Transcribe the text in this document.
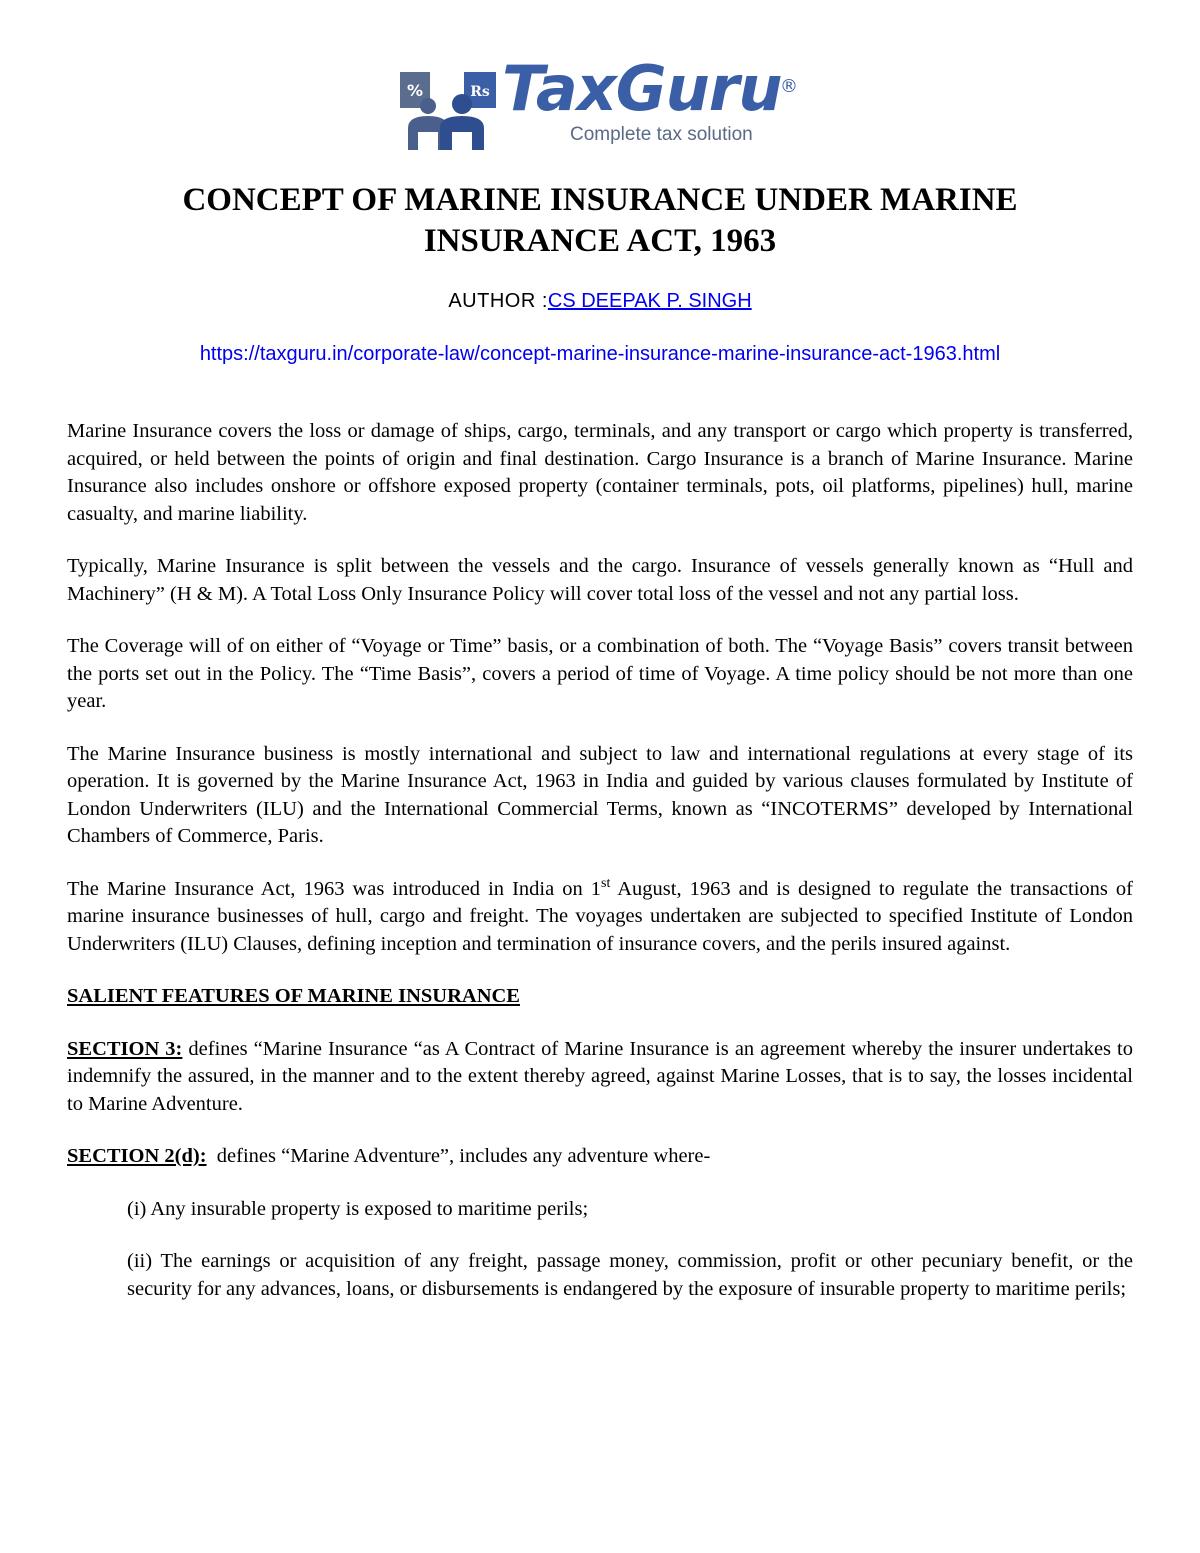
%	Rs TaxGuru
®
Complete tax solution
CONCEPT OF MARINE INSURANCE UNDER MARINE INSURANCE ACT, 1963
AUTHOR :CS DEEPAK P. SINGH
https://taxguru.in/corporate-law/concept-marine-insurance-marine-insurance-act-1963.html

Marine Insurance covers the loss or damage of ships, cargo, terminals, and any transport or cargo which property is transferred, acquired, or held between the points of origin and final destination. Cargo Insurance is a branch of Marine Insurance. Marine Insurance also includes onshore or offshore exposed property (container terminals, pots, oil platforms, pipelines) hull, marine casualty, and marine liability.

Typically, Marine Insurance is split between the vessels and the cargo. Insurance of vessels generally known as “Hull and Machinery” (H & M). A Total Loss Only Insurance Policy will cover total loss of the vessel and not any partial loss.

The Coverage will of on either of “Voyage or Time” basis, or a combination of both. The “Voyage Basis” covers transit between the ports set out in the Policy. The “Time Basis”, covers a period of time of Voyage. A time policy should be not more than one year.

The Marine Insurance business is mostly international and subject to law and international regulations at every stage of its operation. It is governed by the Marine Insurance Act, 1963 in India and guided by various clauses formulated by Institute of London Underwriters (ILU) and the International Commercial Terms, known as “INCOTERMS” developed by International Chambers of Commerce, Paris.

The Marine Insurance Act, 1963 was introduced in India on 1st August, 1963 and is designed to regulate the transactions of marine insurance businesses of hull, cargo and freight. The voyages undertaken are subjected to specified Institute of London Underwriters (ILU) Clauses, defining inception and termination of insurance covers, and the perils insured against.

SALIENT FEATURES OF MARINE INSURANCE

SECTION 3: defines “Marine Insurance “as A Contract of Marine Insurance is an agreement whereby the insurer undertakes to indemnify the assured, in the manner and to the extent thereby agreed, against Marine Losses, that is to say, the losses incidental to Marine Adventure.

SECTION 2(d):  defines “Marine Adventure”, includes any adventure where-

(i) Any insurable property is exposed to maritime perils;

(ii) The earnings or acquisition of any freight, passage money, commission, profit or other pecuniary benefit, or the security for any advances, loans, or disbursements is endangered by the exposure of insurable property to maritime perils;
